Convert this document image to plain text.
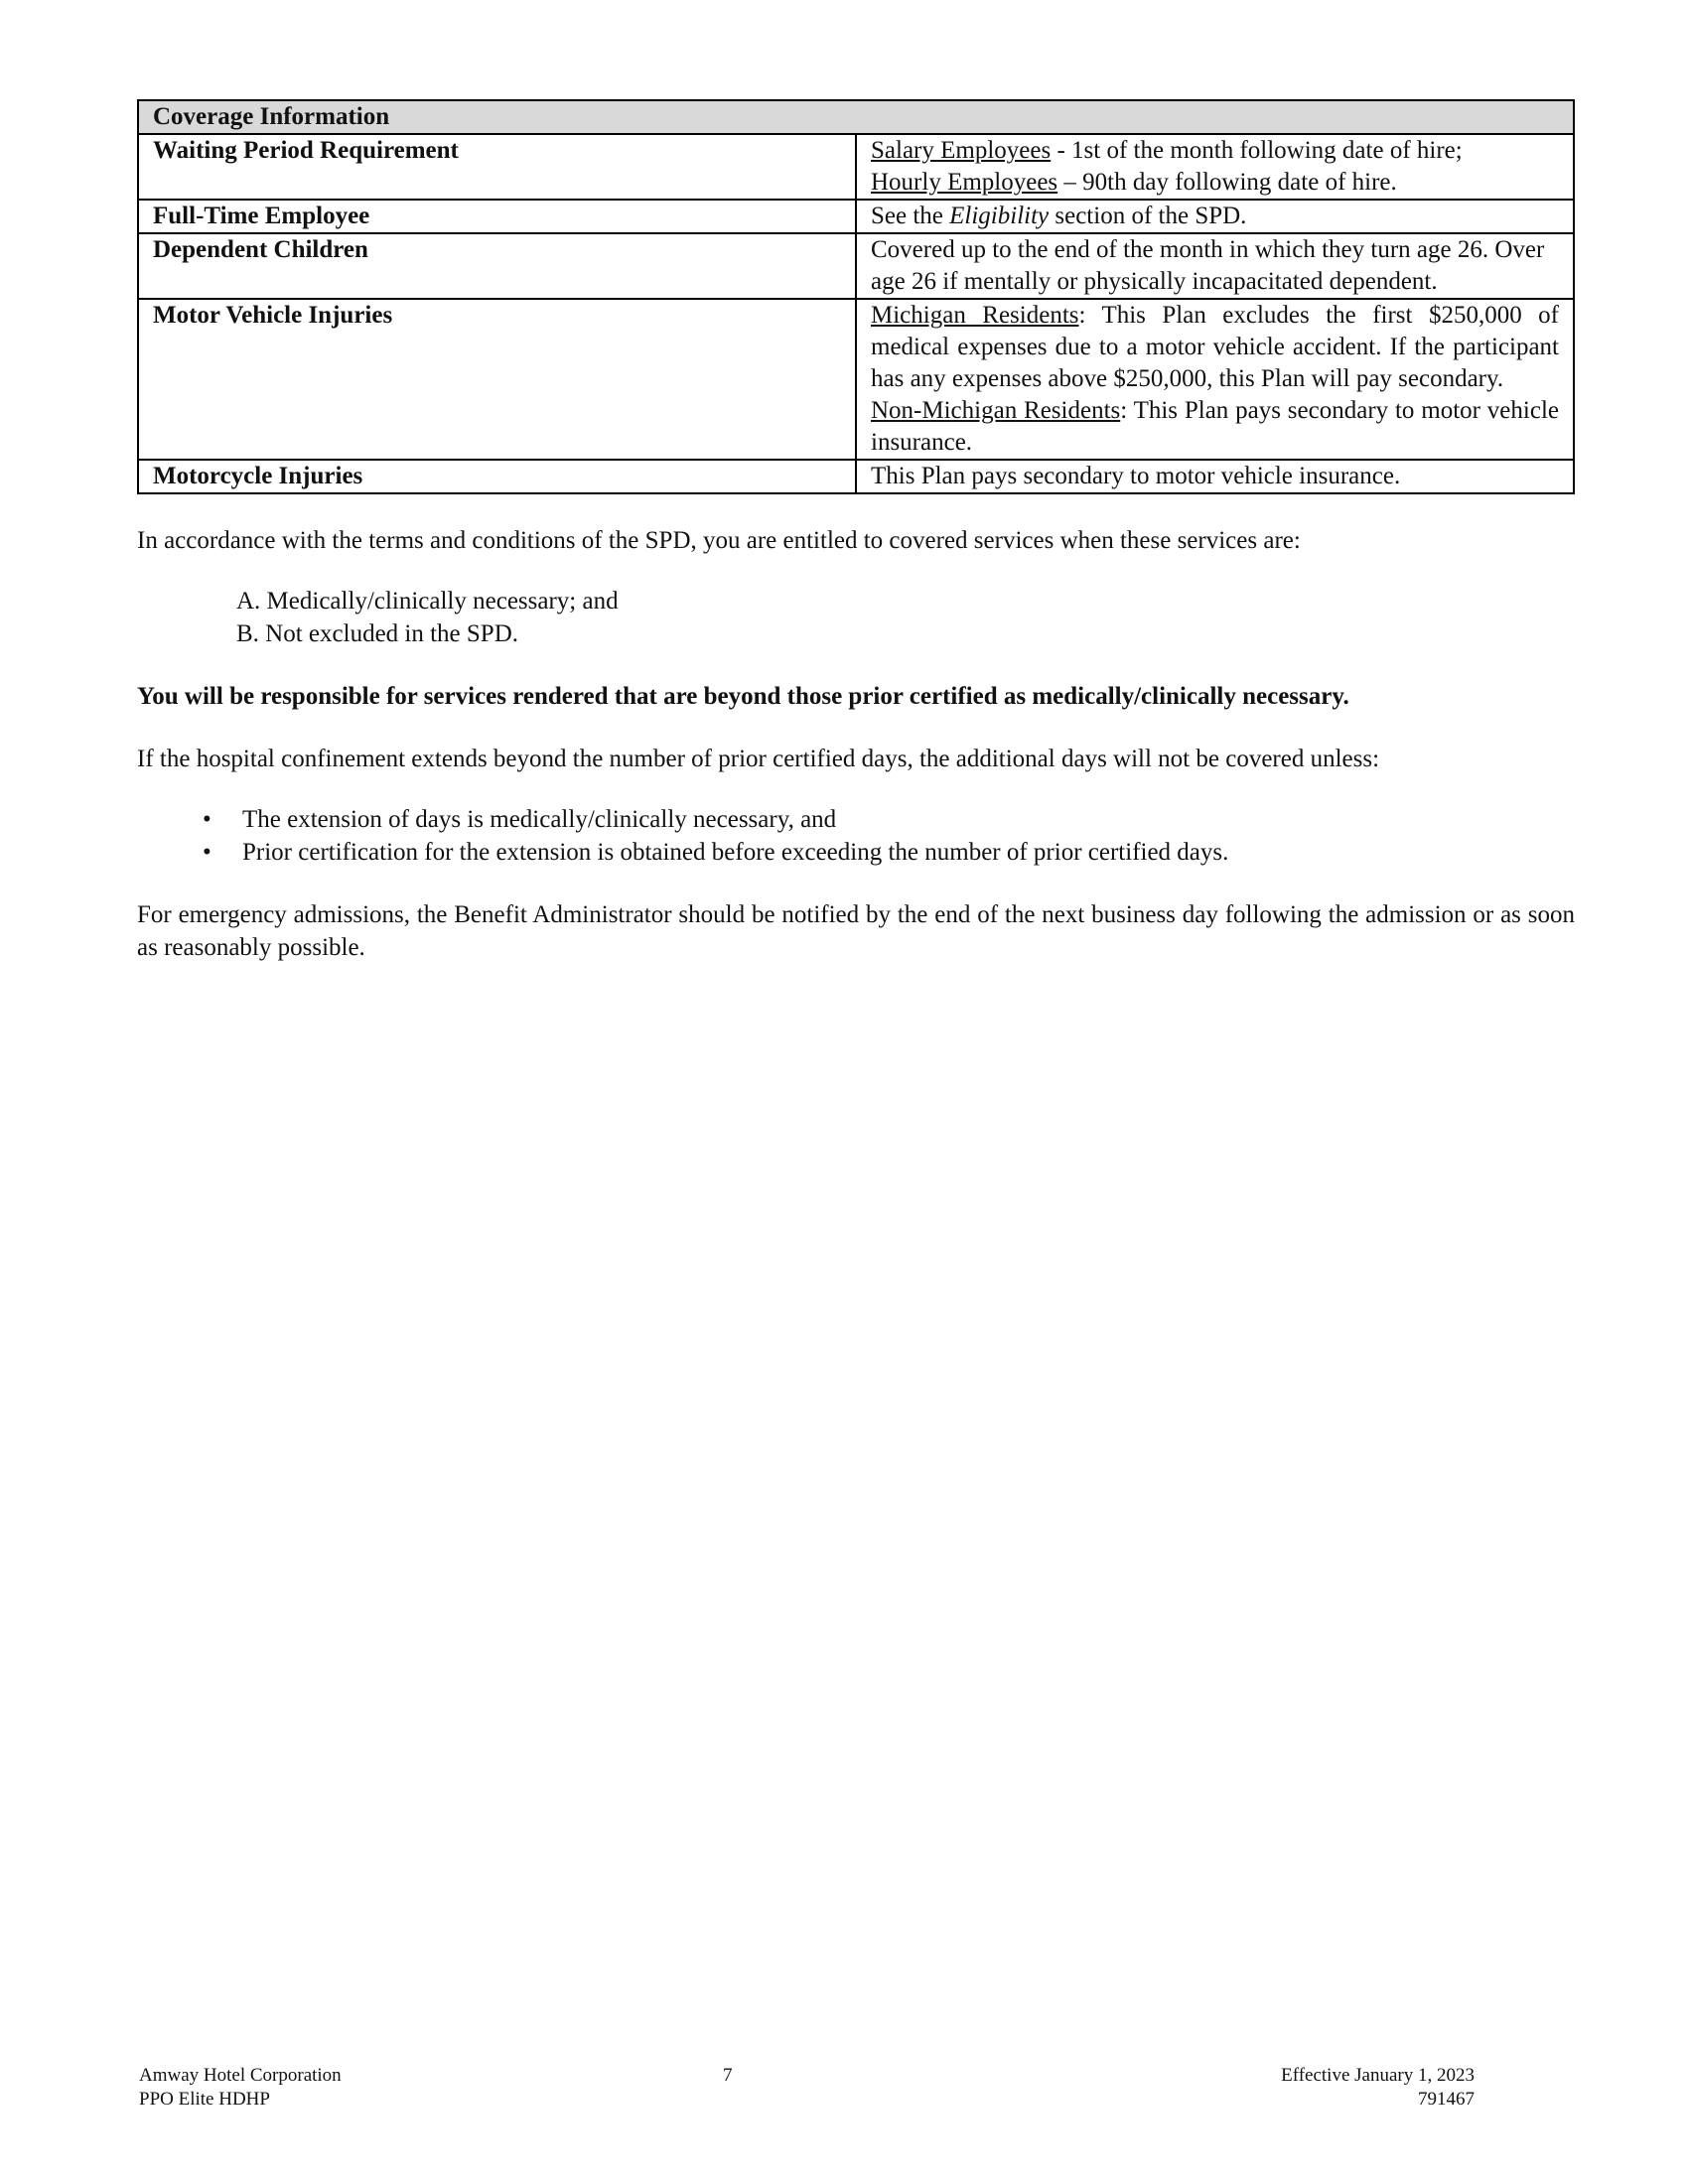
Coverage Information	
Waiting Period Requirement	Salary Employees - 1st of the month following date of hire;
Hourly Employees – 90th day following date of hire.
Full-Time Employee	See the Eligibility section of the SPD.
Dependent Children	Covered up to the end of the month in which they turn age 26. Over age 26 if mentally or physically incapacitated dependent.
Motor Vehicle Injuries	Michigan Residents: This Plan excludes the first $250,000 of medical expenses due to a motor vehicle accident. If the participant has any expenses above $250,000, this Plan will pay secondary.
Non-Michigan Residents: This Plan pays secondary to motor vehicle insurance.
Motorcycle Injuries	This Plan pays secondary to motor vehicle insurance.
In accordance with the terms and conditions of the SPD, you are entitled to covered services when these services are:
A. Medically/clinically necessary; and
B. Not excluded in the SPD.
You will be responsible for services rendered that are beyond those prior certified as medically/clinically necessary.
If the hospital confinement extends beyond the number of prior certified days, the additional days will not be covered unless:
• The extension of days is medically/clinically necessary, and
• Prior certification for the extension is obtained before exceeding the number of prior certified days.
For emergency admissions, the Benefit Administrator should be notified by the end of the next business day following the admission or as soon as reasonably possible.
Amway Hotel Corporation
PPO Elite HDHP
7	Effective January 1, 2023
791467
